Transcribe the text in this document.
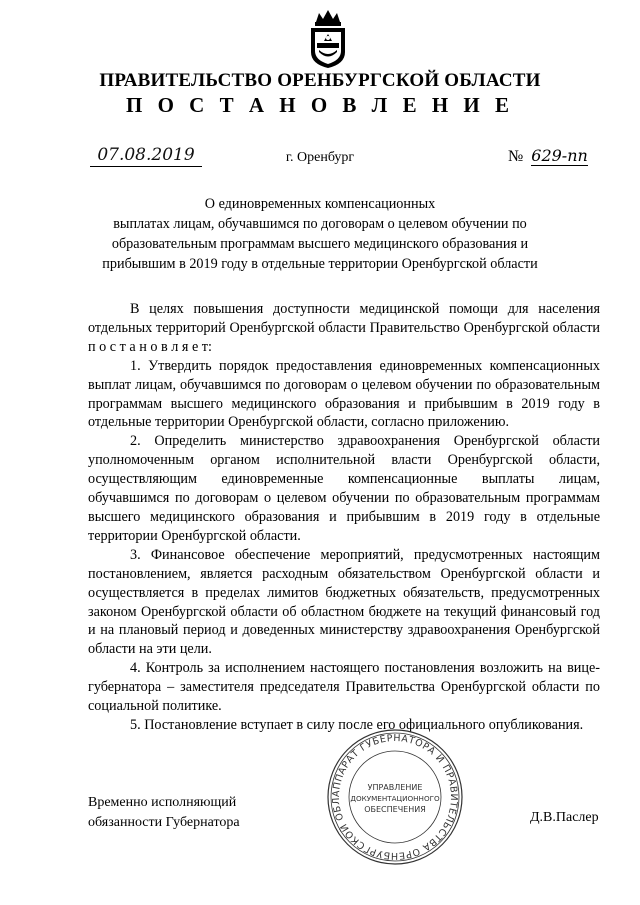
ПРАВИТЕЛЬСТВО ОРЕНБУРГСКОЙ ОБЛАСТИ
П О С Т А Н О В Л Е Н И Е
07.08.2019	г. Оренбург	№ 629-пп
О единовременных компенсационных
выплатах лицам, обучавшимся по договорам о целевом обучении по
образовательным программам высшего медицинского образования и
прибывшим в 2019 году в отдельные территории Оренбургской области

В целях повышения доступности медицинской помощи для населения отдельных территорий Оренбургской области Правительство Оренбургской области п о с т а н о в л я е т:

1. Утвердить порядок предоставления единовременных компенсационных выплат лицам, обучавшимся по договорам о целевом обучении по образовательным программам высшего медицинского образования и прибывшим в 2019 году в отдельные территории Оренбургской области, согласно приложению.

2. Определить министерство здравоохранения Оренбургской области уполномоченным органом исполнительной власти Оренбургской области, осуществляющим единовременные компенсационные выплаты лицам, обучавшимся по договорам о целевом обучении по образовательным программам высшего медицинского образования и прибывшим в 2019 году в отдельные территории Оренбургской области.

3. Финансовое обеспечение мероприятий, предусмотренных настоящим постановлением, является расходным обязательством Оренбургской области и осуществляется в пределах лимитов бюджетных обязательств, предусмотренных законом Оренбургской области об областном бюджете на текущий финансовый год и на плановый период и доведенных министерству здравоохранения Оренбургской области на эти цели.

4. Контроль за исполнением настоящего постановления возложить на вице-губернатора – заместителя председателя Правительства Оренбургской области по социальной политике.

5. Постановление вступает в силу после его официального опубликования.

Временно исполняющий
обязанности Губернатора
АППАРАТ ГУБЕРНАТОРА И ПРАВИТЕЛЬСТВА ОРЕНБУРГСКОЙ ОБЛ
УПРАВЛЕНИЕ
ДОКУМЕНТАЦИОННОГО
ОБЕСПЕЧЕНИЯ
Д.В.Паслер
